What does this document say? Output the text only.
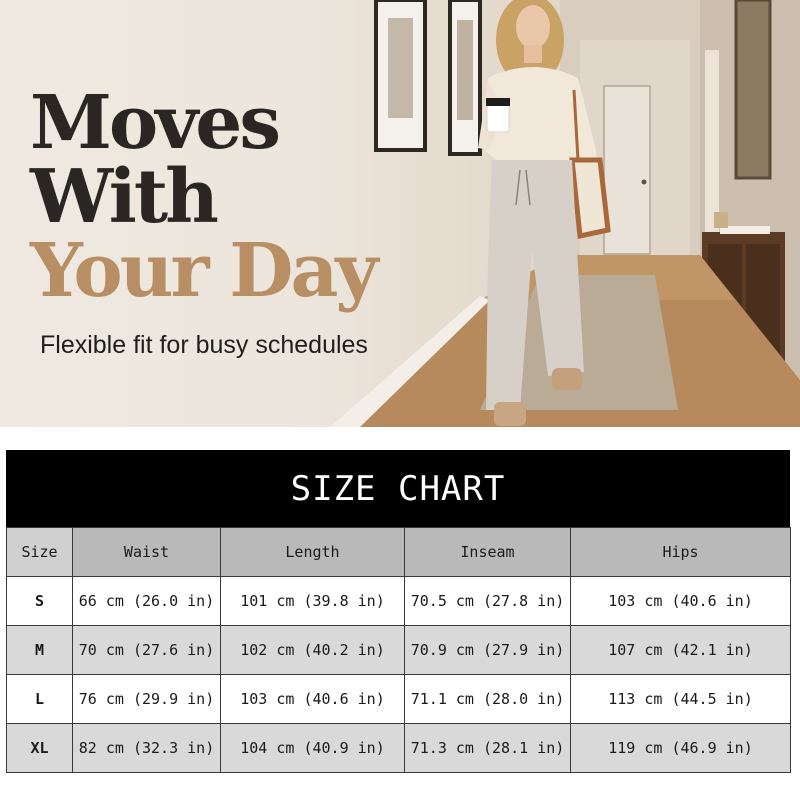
Moves
With
Your Day
Flexible fit for busy schedules
SIZE CHART
Size	Waist	Length	Inseam	Hips
S	66 cm (26.0 in)	101 cm (39.8 in)	70.5 cm (27.8 in)	103 cm (40.6 in)
M	70 cm (27.6 in)	102 cm (40.2 in)	70.9 cm (27.9 in)	107 cm (42.1 in)
L	76 cm (29.9 in)	103 cm (40.6 in)	71.1 cm (28.0 in)	113 cm (44.5 in)
XL	82 cm (32.3 in)	104 cm (40.9 in)	71.3 cm (28.1 in)	119 cm (46.9 in)
